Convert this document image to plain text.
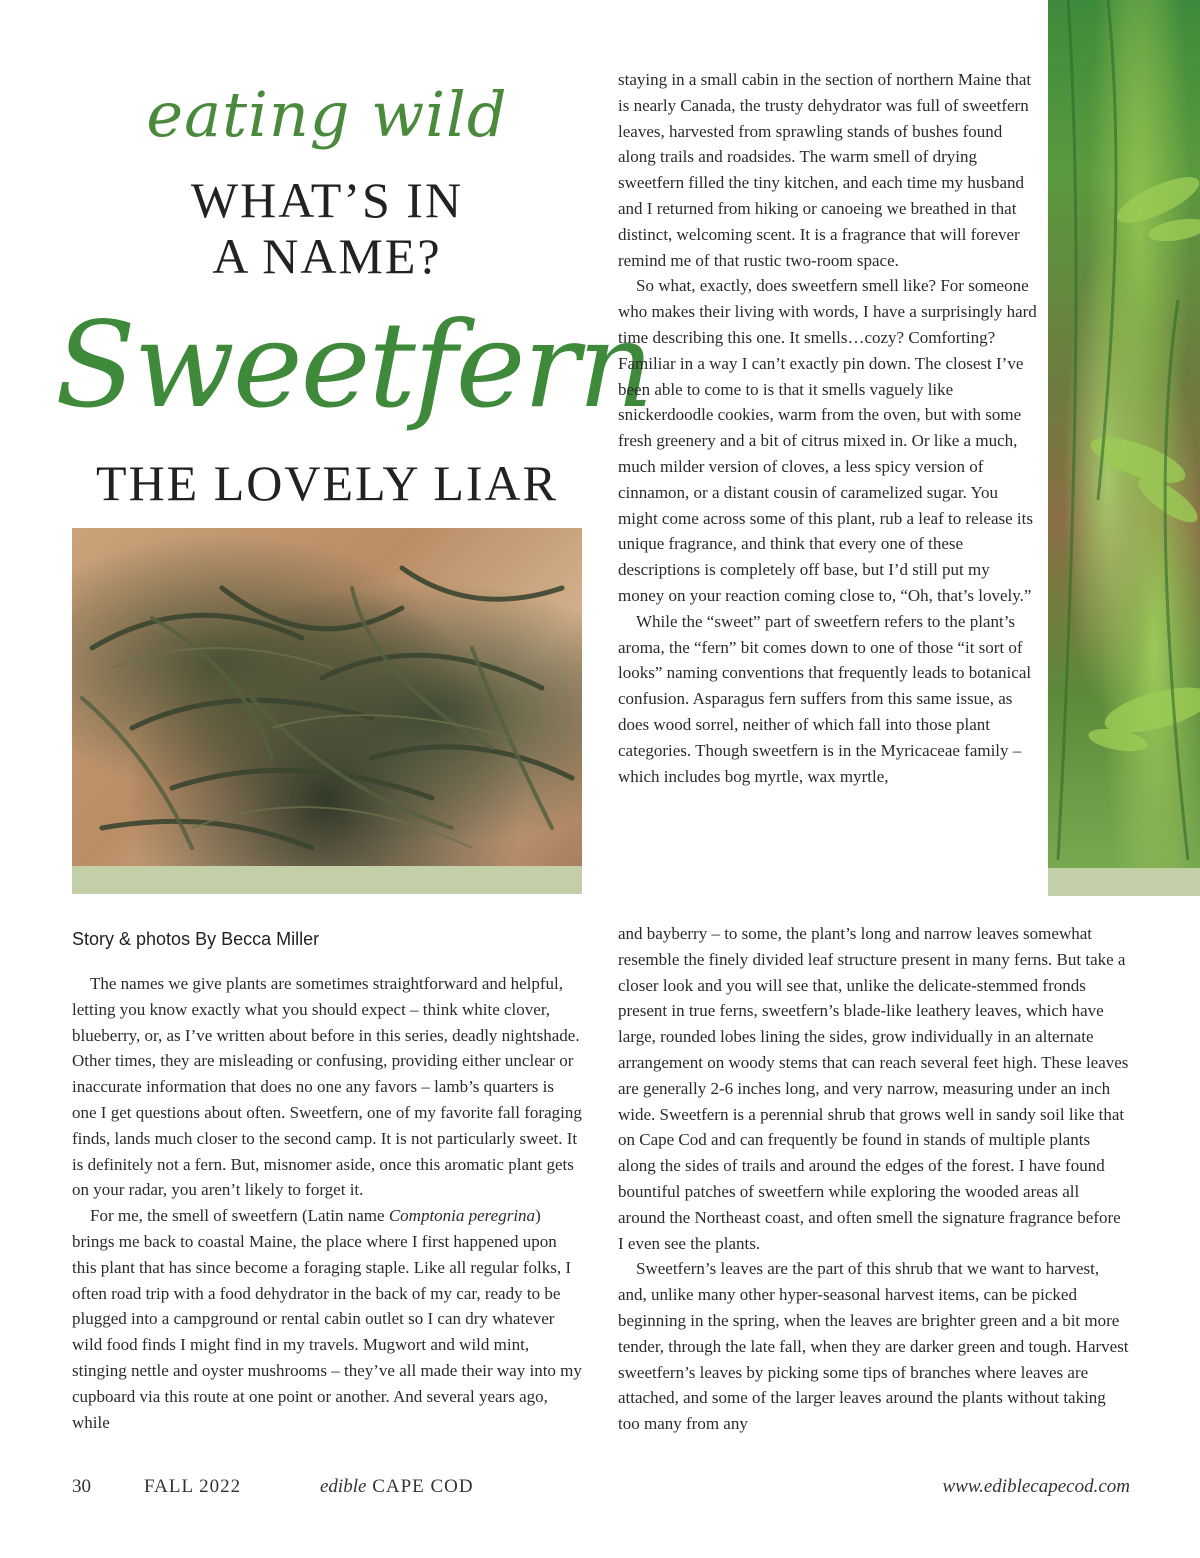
eating wild
WHAT’S IN
A NAME?
Sweetfern
THE LOVELY LIAR
Story & photos By Becca Miller

The names we give plants are sometimes straightforward and helpful, letting you know exactly what you should expect – think white clover, blueberry, or, as I’ve written about before in this series, deadly nightshade. Other times, they are misleading or confusing, providing either unclear or inaccurate information that does no one any favors – lamb’s quarters is one I get questions about often. Sweetfern, one of my favorite fall foraging finds, lands much closer to the second camp. It is not particularly sweet. It is definitely not a fern. But, misnomer aside, once this aromatic plant gets on your radar, you aren’t likely to forget it.

For me, the smell of sweetfern (Latin name Comptonia peregrina) brings me back to coastal Maine, the place where I first happened upon this plant that has since become a foraging staple. Like all regular folks, I often road trip with a food dehydrator in the back of my car, ready to be plugged into a campground or rental cabin outlet so I can dry whatever wild food finds I might find in my travels. Mugwort and wild mint, stinging nettle and oyster mushrooms – they’ve all made their way into my cupboard via this route at one point or another. And several years ago, while

staying in a small cabin in the section of northern Maine that is nearly Canada, the trusty dehydrator was full of sweetfern leaves, harvested from sprawling stands of bushes found along trails and roadsides. The warm smell of drying sweetfern filled the tiny kitchen, and each time my husband and I returned from hiking or canoeing we breathed in that distinct, welcoming scent. It is a fragrance that will forever remind me of that rustic two-room space.

So what, exactly, does sweetfern smell like? For someone who makes their living with words, I have a surprisingly hard time describing this one. It smells…cozy? Comforting? Familiar in a way I can’t exactly pin down. The closest I’ve been able to come to is that it smells vaguely like snickerdoodle cookies, warm from the oven, but with some fresh greenery and a bit of citrus mixed in. Or like a much, much milder version of cloves, a less spicy version of cinnamon, or a distant cousin of caramelized sugar. You might come across some of this plant, rub a leaf to release its unique fragrance, and think that every one of these descriptions is completely off base, but I’d still put my money on your reaction coming close to, “Oh, that’s lovely.”

While the “sweet” part of sweetfern refers to the plant’s aroma, the “fern” bit comes down to one of those “it sort of looks” naming conventions that frequently leads to botanical confusion. Asparagus fern suffers from this same issue, as does wood sorrel, neither of which fall into those plant categories. Though sweetfern is in the Myricaceae family – which includes bog myrtle, wax myrtle,

and bayberry – to some, the plant’s long and narrow leaves somewhat resemble the finely divided leaf structure present in many ferns. But take a closer look and you will see that, unlike the delicate-stemmed fronds present in true ferns, sweetfern’s blade-like leathery leaves, which have large, rounded lobes lining the sides, grow individually in an alternate arrangement on woody stems that can reach several feet high. These leaves are generally 2-6 inches long, and very narrow, measuring under an inch wide. Sweetfern is a perennial shrub that grows well in sandy soil like that on Cape Cod and can frequently be found in stands of multiple plants along the sides of trails and around the edges of the forest. I have found bountiful patches of sweetfern while exploring the wooded areas all around the Northeast coast, and often smell the signature fragrance before I even see the plants.

Sweetfern’s leaves are the part of this shrub that we want to harvest, and, unlike many other hyper-seasonal harvest items, can be picked beginning in the spring, when the leaves are brighter green and a bit more tender, through the late fall, when they are darker green and tough. Harvest sweetfern’s leaves by picking some tips of branches where leaves are attached, and some of the larger leaves around the plants without taking too many from any

30	FALL 2022	edible CAPE COD	www.ediblecapecod.com
